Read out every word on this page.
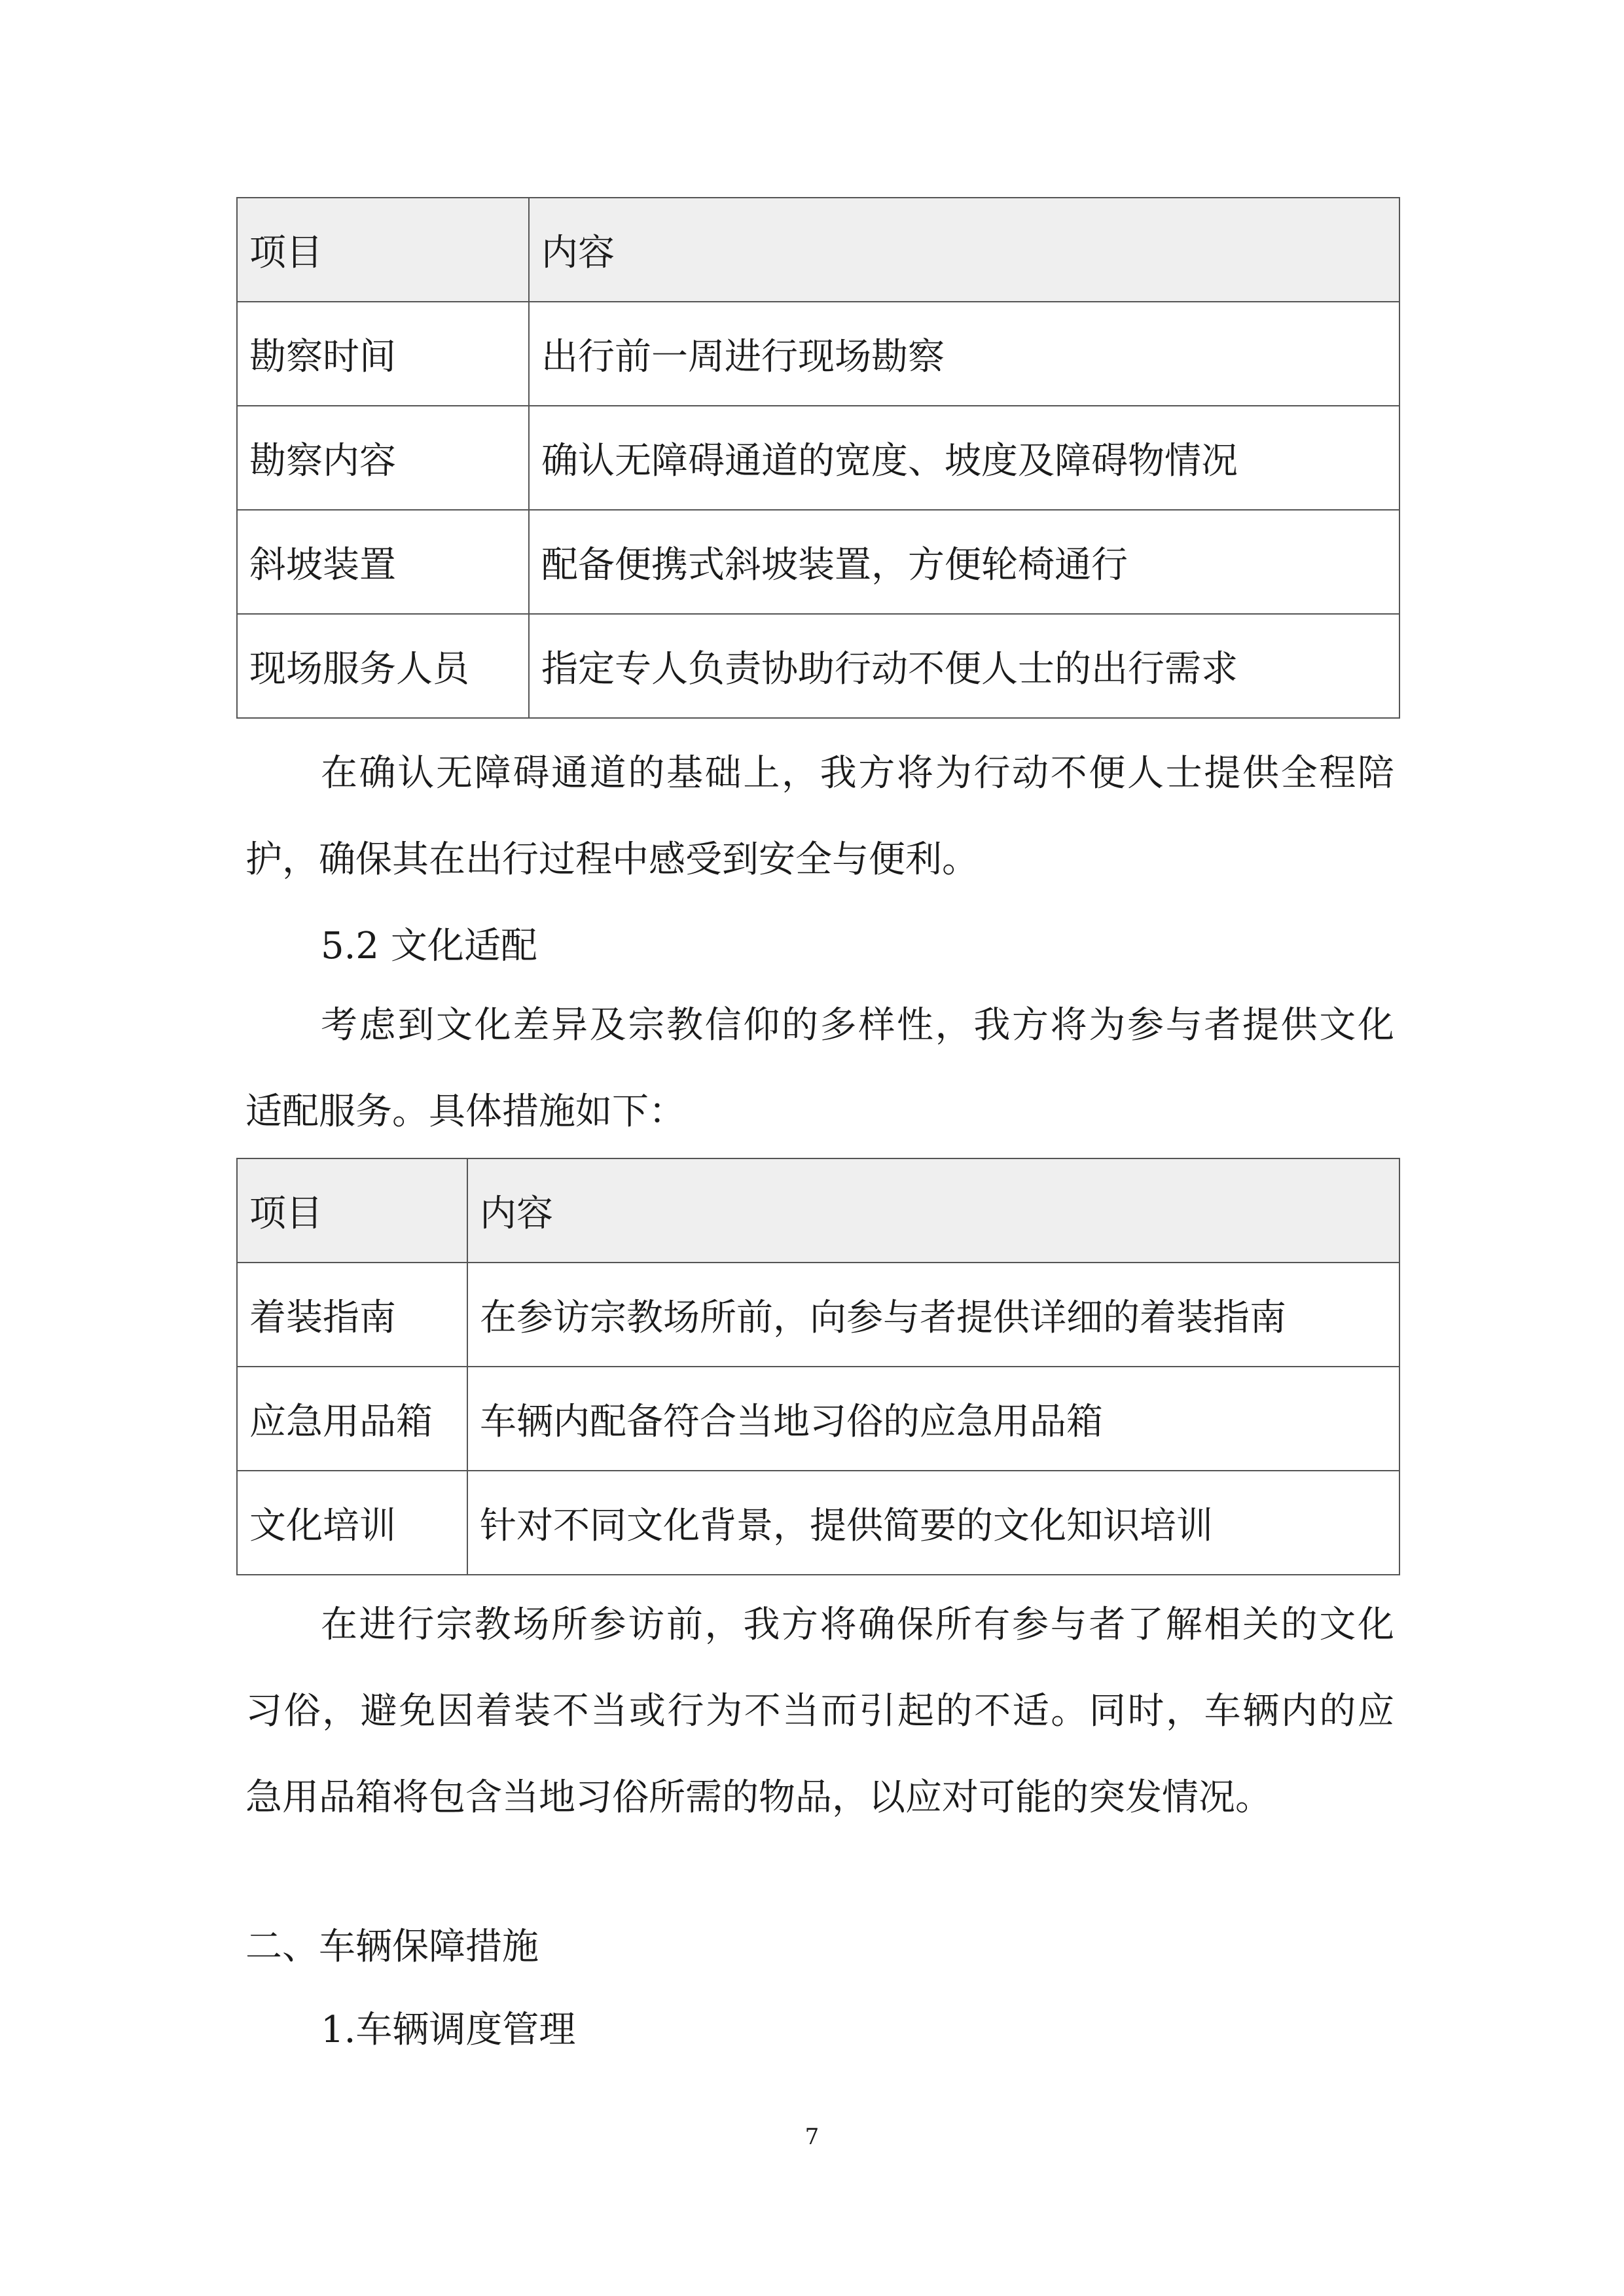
项目	内容
勘察时间	出行前一周进行现场勘察
勘察内容	确认无障碍通道的宽度、坡度及障碍物情况
斜坡装置	配备便携式斜坡装置，方便轮椅通行
现场服务人员	指定专人负责协助行动不便人士的出行需求
在确认无障碍通道的基础上，我方将为行动不便人士提供全程陪
护，确保其在出行过程中感受到安全与便利。
5.2 文化适配
考虑到文化差异及宗教信仰的多样性，我方将为参与者提供文化
适配服务。具体措施如下：
项目	内容
着装指南	在参访宗教场所前，向参与者提供详细的着装指南
应急用品箱	车辆内配备符合当地习俗的应急用品箱
文化培训	针对不同文化背景，提供简要的文化知识培训
在进行宗教场所参访前，我方将确保所有参与者了解相关的文化
习俗，避免因着装不当或行为不当而引起的不适。同时，车辆内的应
急用品箱将包含当地习俗所需的物品，以应对可能的突发情况。
二、车辆保障措施
1.车辆调度管理
7
